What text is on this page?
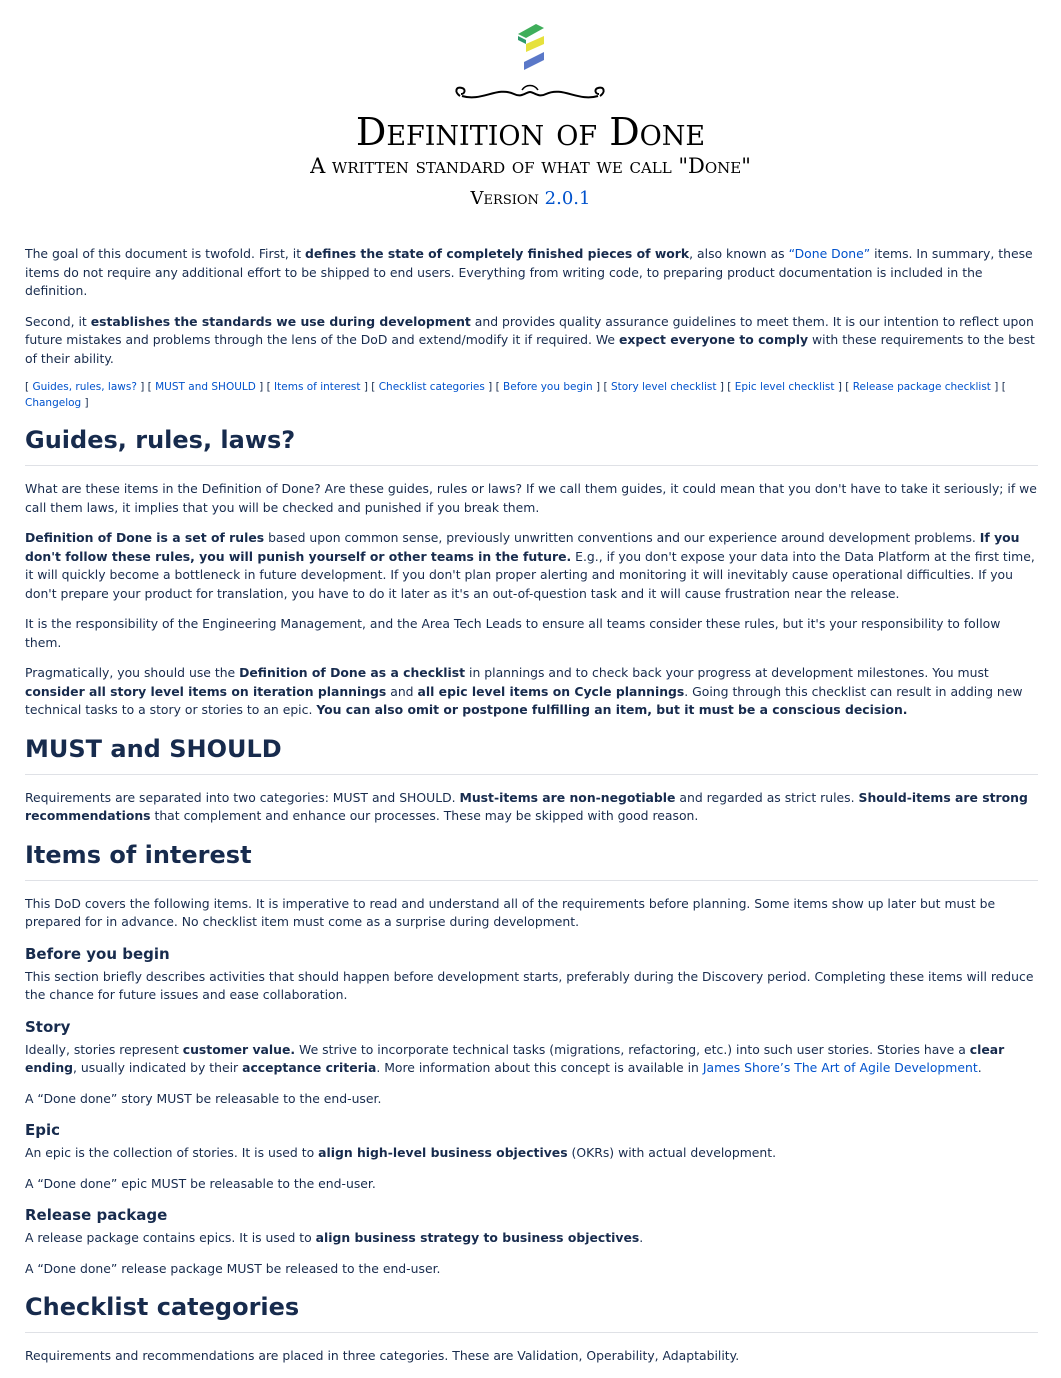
Definition of Done
A written standard of what we call "Done"
Version 2.0.1

The goal of this document is twofold. First, it defines the state of completely finished pieces of work, also known as “Done Done” items. In summary, these items do not require any additional effort to be shipped to end users. Everything from writing code, to preparing product documentation is included in the definition.

Second, it establishes the standards we use during development and provides quality assurance guidelines to meet them. It is our intention to reflect upon future mistakes and problems through the lens of the DoD and extend/modify it if required. We expect everyone to comply with these requirements to the best of their ability.

[ Guides, rules, laws? ] [ MUST and SHOULD ] [ Items of interest ] [ Checklist categories ] [ Before you begin ] [ Story level checklist ] [ Epic level checklist ] [ Release package checklist ] [ Changelog ]
Guides, rules, laws?

What are these items in the Definition of Done? Are these guides, rules or laws? If we call them guides, it could mean that you don't have to take it seriously; if we call them laws, it implies that you will be checked and punished if you break them.

Definition of Done is a set of rules based upon common sense, previously unwritten conventions and our experience around development problems. If you don't follow these rules, you will punish yourself or other teams in the future. E.g., if you don't expose your data into the Data Platform at the first time, it will quickly become a bottleneck in future development. If you don't plan proper alerting and monitoring it will inevitably cause operational difficulties. If you don't prepare your product for translation, you have to do it later as it's an out-of-question task and it will cause frustration near the release.

It is the responsibility of the Engineering Management, and the Area Tech Leads to ensure all teams consider these rules, but it's your responsibility to follow them.

Pragmatically, you should use the Definition of Done as a checklist in plannings and to check back your progress at development milestones. You must consider all story level items on iteration plannings and all epic level items on Cycle plannings. Going through this checklist can result in adding new technical tasks to a story or stories to an epic. You can also omit or postpone fulfilling an item, but it must be a conscious decision.

MUST and SHOULD

Requirements are separated into two categories: MUST and SHOULD. Must-items are non-negotiable and regarded as strict rules. Should-items are strong recommendations that complement and enhance our processes. These may be skipped with good reason.

Items of interest

This DoD covers the following items. It is imperative to read and understand all of the requirements before planning. Some items show up later but must be prepared for in advance. No checklist item must come as a surprise during development.

Before you begin

This section briefly describes activities that should happen before development starts, preferably during the Discovery period. Completing these items will reduce the chance for future issues and ease collaboration.

Story

Ideally, stories represent customer value. We strive to incorporate technical tasks (migrations, refactoring, etc.) into such user stories. Stories have a clear ending, usually indicated by their acceptance criteria. More information about this concept is available in James Shore’s The Art of Agile Development.

A “Done done” story MUST be releasable to the end-user.

Epic

An epic is the collection of stories. It is used to align high-level business objectives (OKRs) with actual development.

A “Done done” epic MUST be releasable to the end-user.

Release package

A release package contains epics. It is used to align business strategy to business objectives.

A “Done done” release package MUST be released to the end-user.

Checklist categories

Requirements and recommendations are placed in three categories. These are Validation, Operability, Adaptability.
